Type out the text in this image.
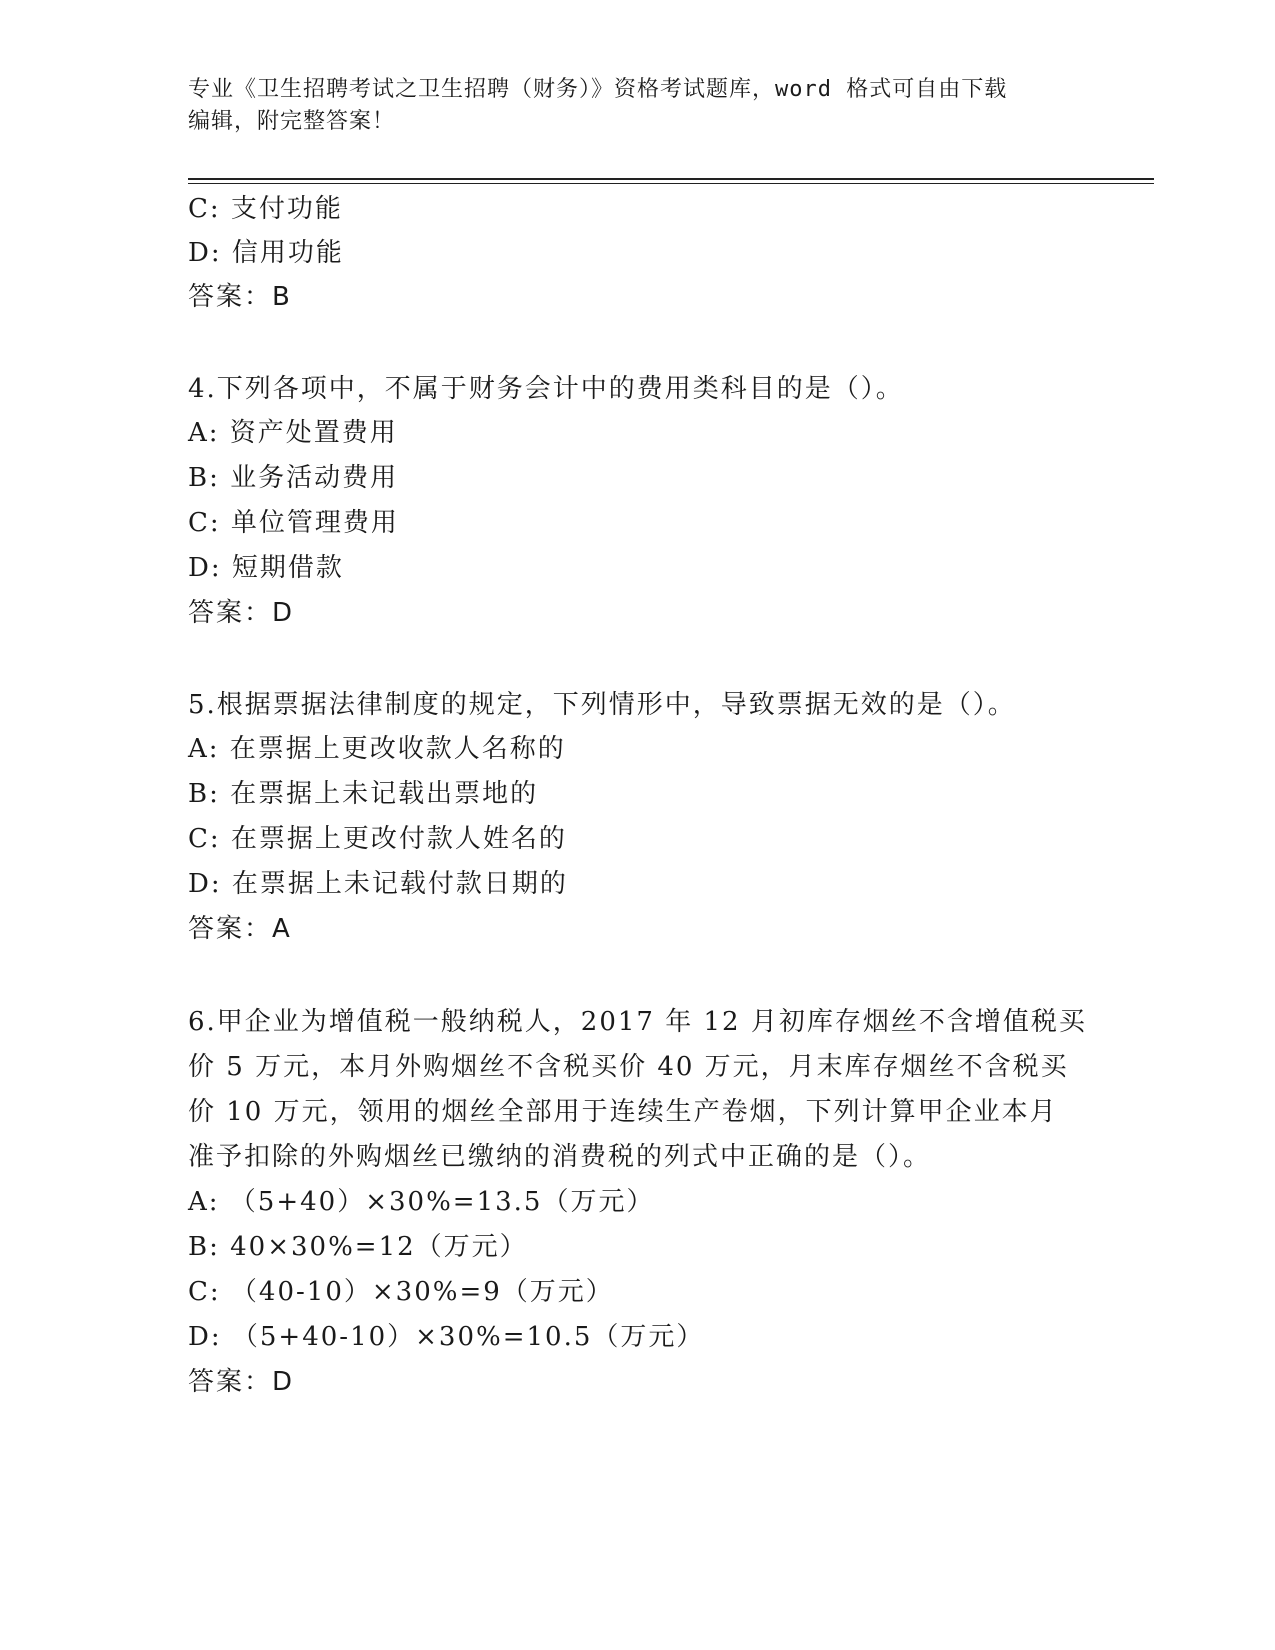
专业《卫生招聘考试之卫生招聘（财务）》资格考试题库，word 格式可自由下载
编辑，附完整答案！
C: 支付功能
D: 信用功能
答案：B
4.下列各项中，不属于财务会计中的费用类科目的是（）。
A: 资产处置费用
B: 业务活动费用
C: 单位管理费用
D: 短期借款
答案：D
5.根据票据法律制度的规定，下列情形中，导致票据无效的是（）。
A: 在票据上更改收款人名称的
B: 在票据上未记载出票地的
C: 在票据上更改付款人姓名的
D: 在票据上未记载付款日期的
答案：A
6.甲企业为增值税一般纳税人，2017 年 12 月初库存烟丝不含增值税买
价 5 万元，本月外购烟丝不含税买价 40 万元，月末库存烟丝不含税买
价 10 万元，领用的烟丝全部用于连续生产卷烟，下列计算甲企业本月
准予扣除的外购烟丝已缴纳的消费税的列式中正确的是（）。
A: （5+40）×30%=13.5（万元）
B: 40×30%=12（万元）
C: （40-10）×30%=9（万元）
D: （5+40-10）×30%=10.5（万元）
答案：D
